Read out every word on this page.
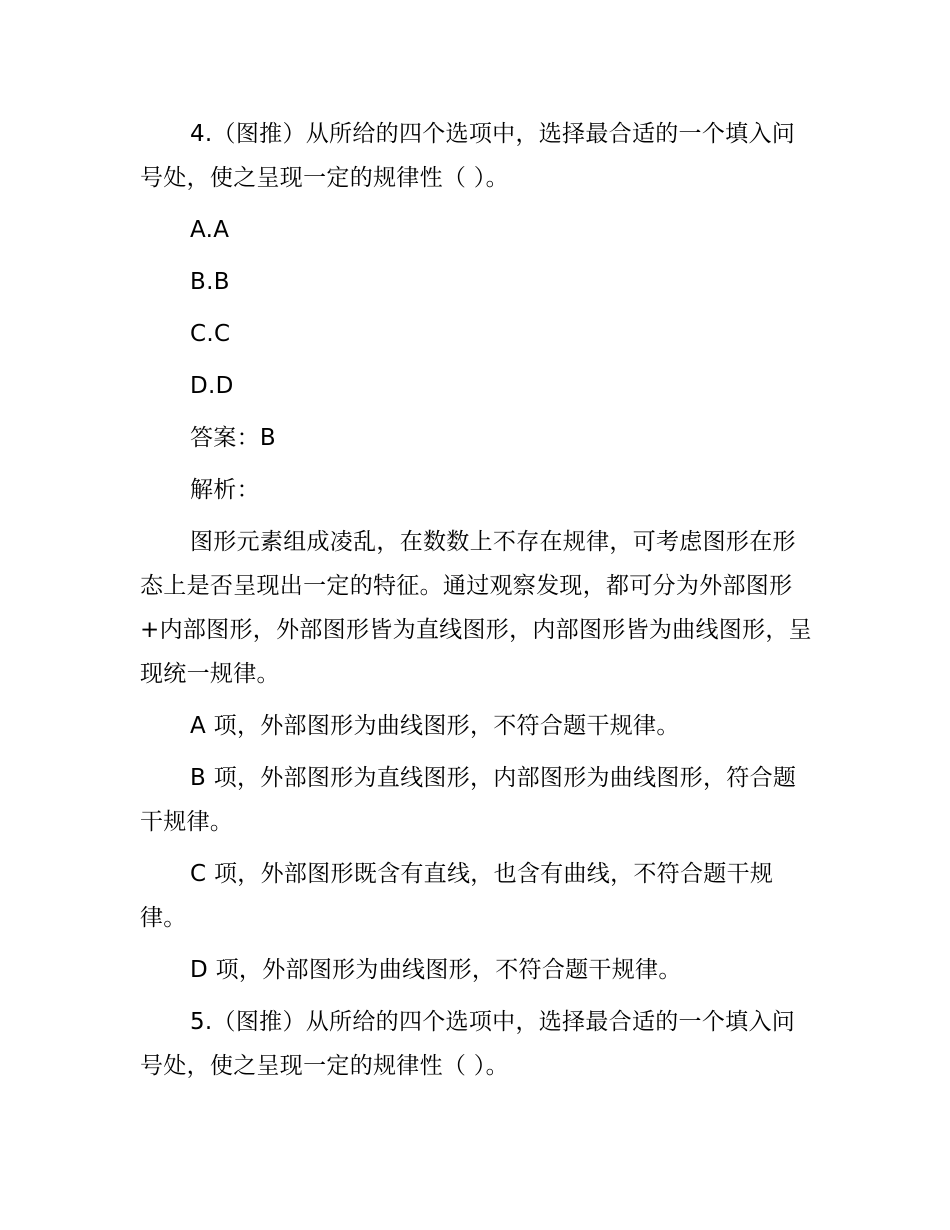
4.（图推）从所给的四个选项中，选择最合适的一个填入问号处，使之呈现一定的规律性（ ）。

A.A

B.B

C.C

D.D

答案：B

解析：

图形元素组成凌乱，在数数上不存在规律，可考虑图形在形态上是否呈现出一定的特征。通过观察发现，都可分为外部图形+内部图形，外部图形皆为直线图形，内部图形皆为曲线图形，呈现统一规律。

A 项，外部图形为曲线图形，不符合题干规律。

B 项，外部图形为直线图形，内部图形为曲线图形，符合题干规律。

C 项，外部图形既含有直线，也含有曲线，不符合题干规律。

D 项，外部图形为曲线图形，不符合题干规律。

5.（图推）从所给的四个选项中，选择最合适的一个填入问号处，使之呈现一定的规律性（ ）。
